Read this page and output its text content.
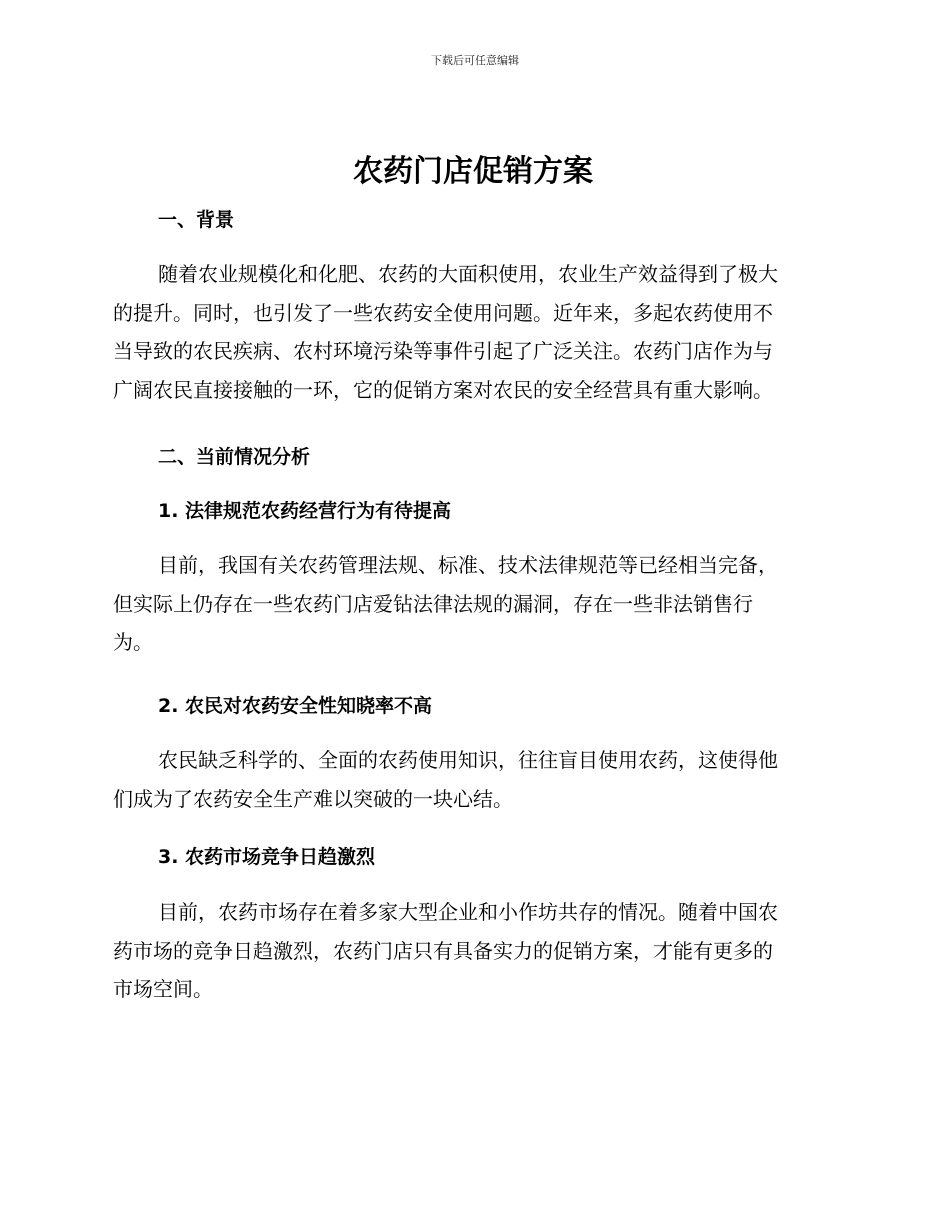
下载后可任意编辑
农药门店促销方案
一、背景

随着农业规模化和化肥、农药的大面积使用，农业生产效益得到了极大
的提升。同时，也引发了一些农药安全使用问题。近年来，多起农药使用不
当导致的农民疾病、农村环境污染等事件引起了广泛关注。农药门店作为与
广阔农民直接接触的一环，它的促销方案对农民的安全经营具有重大影响。

二、当前情况分析
1. 法律规范农药经营行为有待提高

目前，我国有关农药管理法规、标准、技术法律规范等已经相当完备，
但实际上仍存在一些农药门店爱钻法律法规的漏洞，存在一些非法销售行
为。

2. 农民对农药安全性知晓率不高

农民缺乏科学的、全面的农药使用知识，往往盲目使用农药，这使得他
们成为了农药安全生产难以突破的一块心结。

3. 农药市场竞争日趋激烈

目前，农药市场存在着多家大型企业和小作坊共存的情况。随着中国农
药市场的竞争日趋激烈，农药门店只有具备实力的促销方案，才能有更多的
市场空间。
